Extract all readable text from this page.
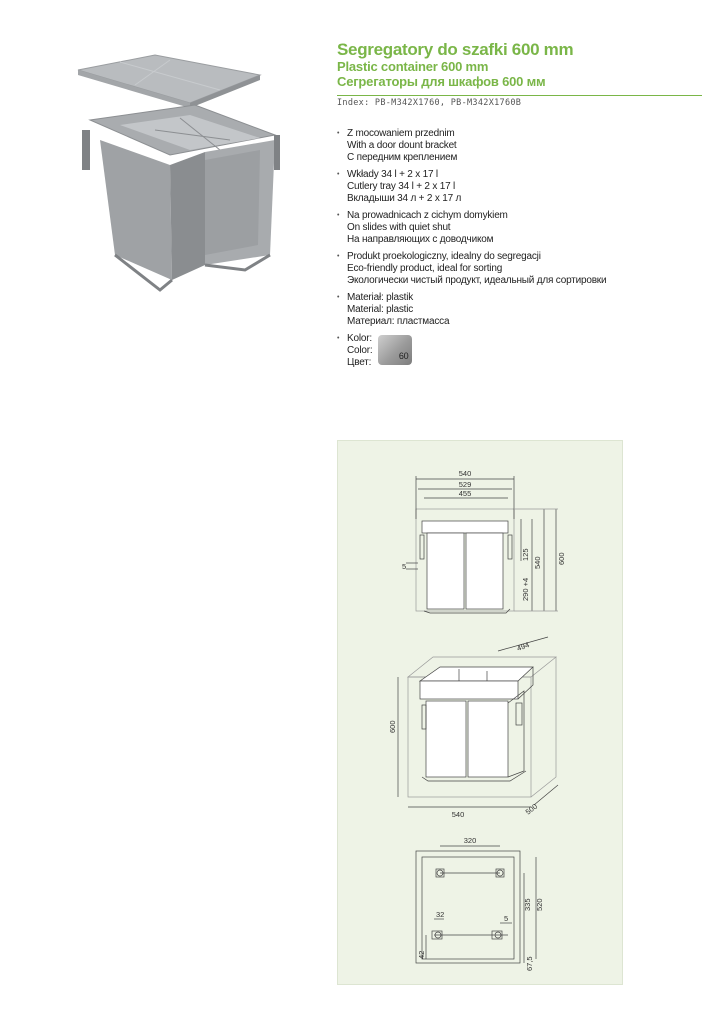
Segregatory do szafki 600 mm
Plastic container 600 mm
Сегрегаторы для шкафов 600 мм
Index: PB-M342X1760, PB-M342X1760B
• Z mocowaniem przednim
With a door dount bracket
С передним креплением
• Wkłady 34 l + 2 x 17 l
Cutlery tray 34 l + 2 x 17 l
Вкладыши 34 л + 2 x 17 л
• Na prowadnicach z cichym domykiem
On slides with quiet shut
На направляющих с доводчиком
• Produkt proekologiczny, idealny do segregacji
Eco-friendly product, ideal for sorting
Экологически чистый продукт, идеальный для сортировки
• Materiał: plastik
Material: plastic
Материал: пластмасса
• Kolor:
Color:
Цвет:
60
540
529
455
5
125
290 +4
540 600
494
600
540	500
320
32	5
335 520
42
67,5
